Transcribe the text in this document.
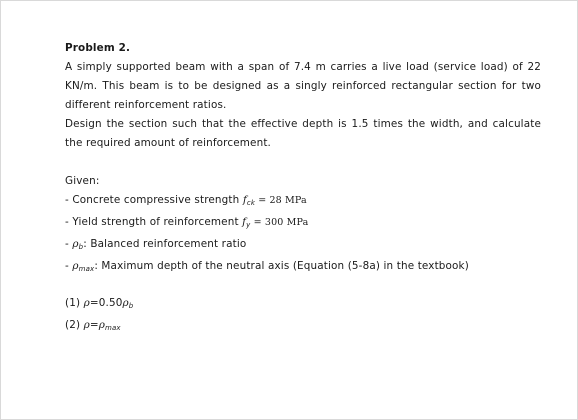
Problem 2.

A simply supported beam with a span of 7.4 m carries a live load (service load) of 22 KN/m. This beam is to be designed as a singly reinforced rectangular section for two different reinforcement ratios.

Design the section such that the effective depth is 1.5 times the width, and calculate the required amount of reinforcement.

Given:
- Concrete compressive strength $f_{ck} = 28$ MPa
- Yield strength of reinforcement $f_y = 300$ MPa
- $\rho_b$: Balanced reinforcement ratio
- $\rho_{max}$: Maximum depth of the neutral axis (Equation (5-8a) in the textbook)
(1) $\rho=0.50\rho_b$
(2) $\rho=\rho_{max}$
